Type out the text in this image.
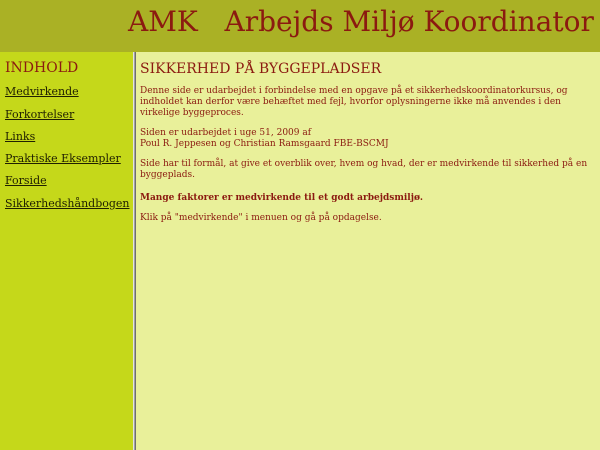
AMK   Arbejds Miljø Koordinator
INDHOLD
Medvirkende
Forkortelser
Links
Praktiske Eksempler
Forside
Sikkerhedshåndbogen
SIKKERHED PÅ BYGGEPLADSER
Denne side er udarbejdet i forbindelse med en opgave på et sikkerhedskoordinatorkursus, og indholdet kan derfor være behæftet med fejl, hvorfor oplysningerne ikke må anvendes i den virkelige byggeproces.
Siden er udarbejdet i uge 51, 2009 af
Poul R. Jeppesen og Christian Ramsgaard FBE-BSCMJ
Side har til formål, at give et overblik over, hvem og hvad, der er medvirkende til sikkerhed på en byggeplads.
Mange faktorer er medvirkende til et godt arbejdsmiljø.
Klik på "medvirkende" i menuen og gå på opdagelse.
